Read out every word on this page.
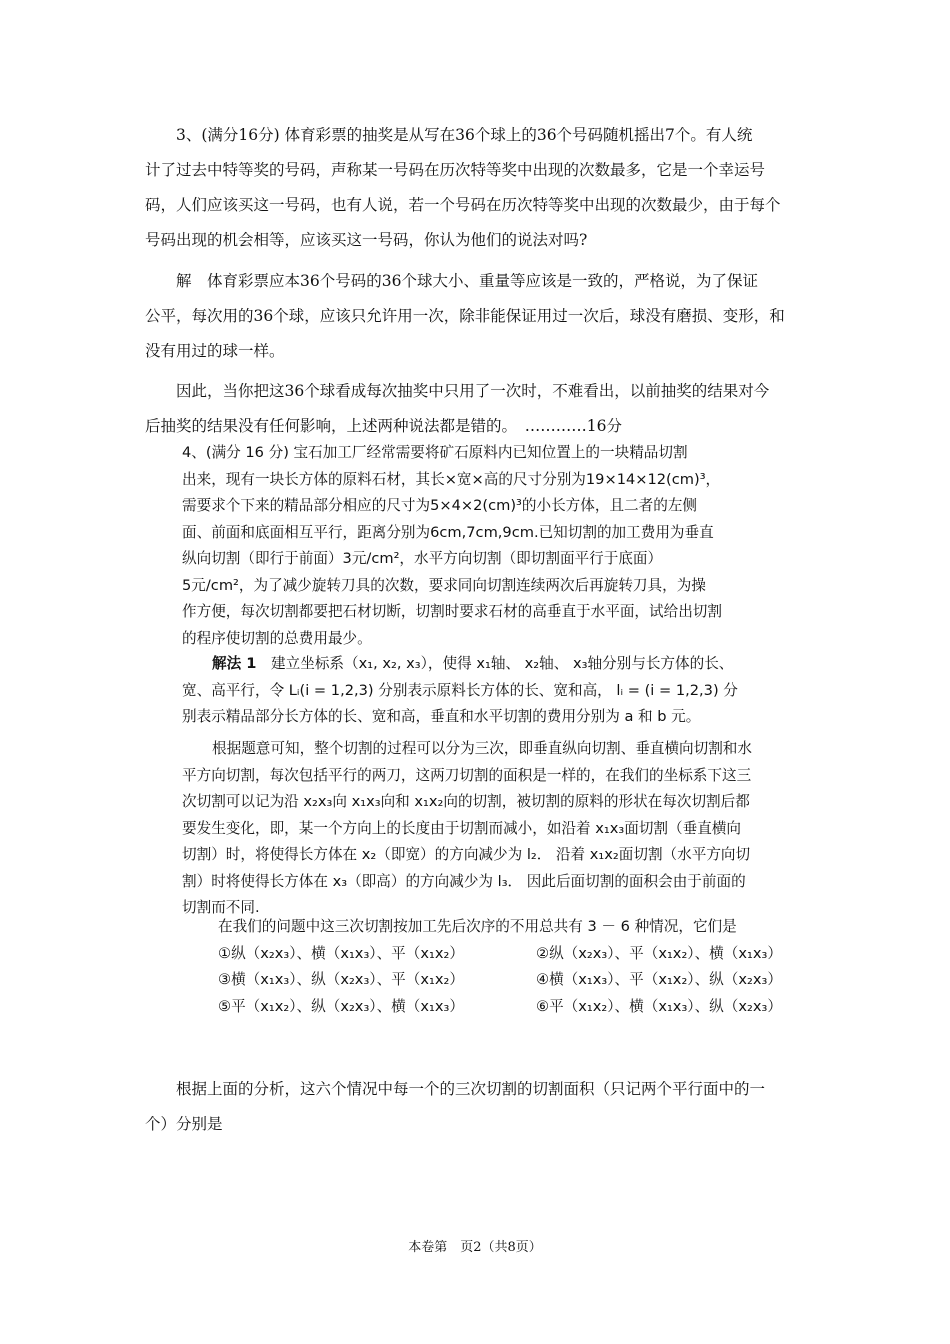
3、(满分16分) 体育彩票的抽奖是从写在36个球上的36个号码随机摇出7个。有人统
计了过去中特等奖的号码，声称某一号码在历次特等奖中出现的次数最多，它是一个幸运号
码，人们应该买这一号码，也有人说，若一个号码在历次特等奖中出现的次数最少，由于每个
号码出现的机会相等，应该买这一号码，你认为他们的说法对吗?
解　体育彩票应本36个号码的36个球大小、重量等应该是一致的，严格说，为了保证
公平，每次用的36个球，应该只允许用一次，除非能保证用过一次后，球没有磨损、变形，和
没有用过的球一样。
因此，当你把这36个球看成每次抽奖中只用了一次时，不难看出，以前抽奖的结果对今
后抽奖的结果没有任何影响，上述两种说法都是错的。　…………16分
4、(满分 16 分) 宝石加工厂经常需要将矿石原料内已知位置上的一块精品切割
出来，现有一块长方体的原料石材，其长×宽×高的尺寸分别为19×14×12(cm)³，
需要求个下来的精品部分相应的尺寸为5×4×2(cm)³的小长方体，且二者的左侧
面、前面和底面相互平行，距离分别为6cm,7cm,9cm.已知切割的加工费用为垂直
纵向切割（即行于前面）3元/cm²，水平方向切割（即切割面平行于底面）
5元/cm²，为了减少旋转刀具的次数，要求同向切割连续两次后再旋转刀具，为操
作方便，每次切割都要把石材切断，切割时要求石材的高垂直于水平面，试给出切割
的程序使切割的总费用最少。
解法 1　 建立坐标系（x₁, x₂, x₃），使得 x₁轴、 x₂轴、 x₃轴分别与长方体的长、
宽、高平行，令 Lᵢ(i = 1,2,3) 分别表示原料长方体的长、宽和高， lᵢ = (i = 1,2,3) 分
别表示精品部分长方体的长、宽和高，垂直和水平切割的费用分别为 a 和 b 元。
根据题意可知，整个切割的过程可以分为三次，即垂直纵向切割、垂直横向切割和水
平方向切割，每次包括平行的两刀，这两刀切割的面积是一样的，在我们的坐标系下这三
次切割可以记为沿 x₂x₃向 x₁x₃向和 x₁x₂向的切割，被切割的原料的形状在每次切割后都
要发生变化，即，某一个方向上的长度由于切割而减小，如沿着 x₁x₃面切割（垂直横向
切割）时，将使得长方体在 x₂（即宽）的方向减少为 l₂． 沿着 x₁x₂面切割（水平方向切
割）时将使得长方体在 x₃（即高）的方向减少为 l₃． 因此后面切割的面积会由于前面的
切割而不同.
在我们的问题中这三次切割按加工先后次序的不用总共有 3 － 6 种情况，它们是
①纵（x₂x₃）、横（x₁x₃）、平（x₁x₂）	②纵（x₂x₃）、平（x₁x₂）、横（x₁x₃）
③横（x₁x₃）、纵（x₂x₃）、平（x₁x₂）	④横（x₁x₃）、平（x₁x₂）、纵（x₂x₃）
⑤平（x₁x₂）、纵（x₂x₃）、横（x₁x₃）	⑥平（x₁x₂）、横（x₁x₃）、纵（x₂x₃）
根据上面的分析，这六个情况中每一个的三次切割的切割面积（只记两个平行面中的一
个）分别是
本卷第　页2（共8页）
